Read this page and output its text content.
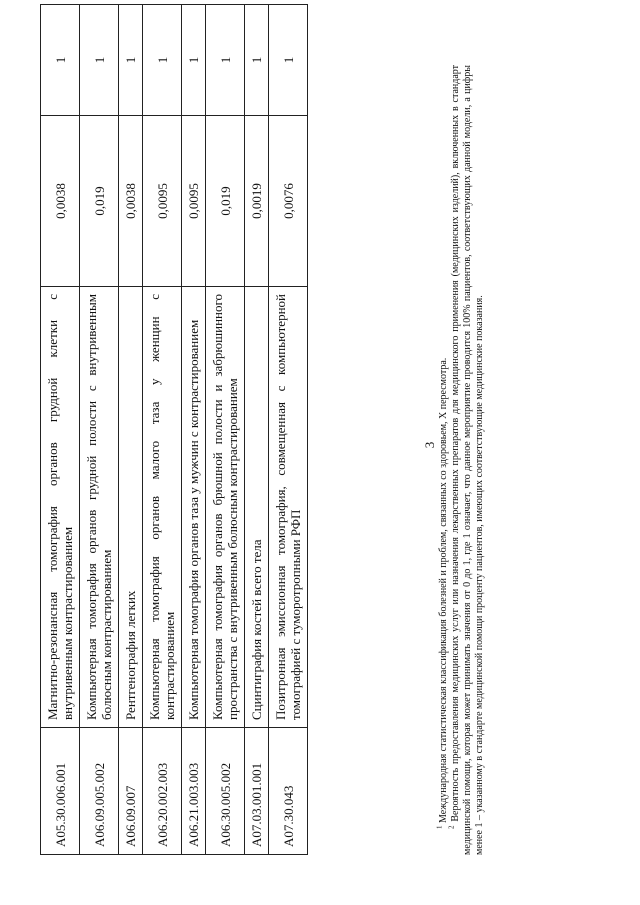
A05.30.006.001	Магнитно-резонансная томография органов грудной клетки с внутривенным контрастированием	0,0038	1
A06.09.005.002	Компьютерная томография органов грудной полости с внутривенным болюсным контрастированием	0,019	1
A06.09.007	Рентгенография легких	0,0038	1
A06.20.002.003	Компьютерная томография органов малого таза у женщин с контрастированием	0,0095	1
A06.21.003.003	Компьютерная томография органов таза у мужчин с контрастированием	0,0095	1
A06.30.005.002	Компьютерная томография органов брюшной полости и забрюшинного пространства с внутривенным болюсным контрастированием	0,019	1
A07.03.001.001	Сцинтиграфия костей всего тела	0,0019	1
A07.30.043	Позитронная эмиссионная томография, совмещенная с компьютерной томографией с туморотропными РФП	0,0076	1
3

$^1$ Международная статистическая классификация болезней и проблем, связанных со здоровьем, X пересмотра.

$^2$ Вероятность предоставления медицинских услуг или назначения лекарственных препаратов для медицинского применения (медицинских изделий), включенных в стандарт медицинской помощи, которая может принимать значения от 0 до 1, где 1 означает, что данное мероприятие проводится 100% пациентов, соответствующих данной модели, а цифры менее 1 – указанному в стандарте медицинской помощи проценту пациентов, имеющих соответствующие медицинские показания.
